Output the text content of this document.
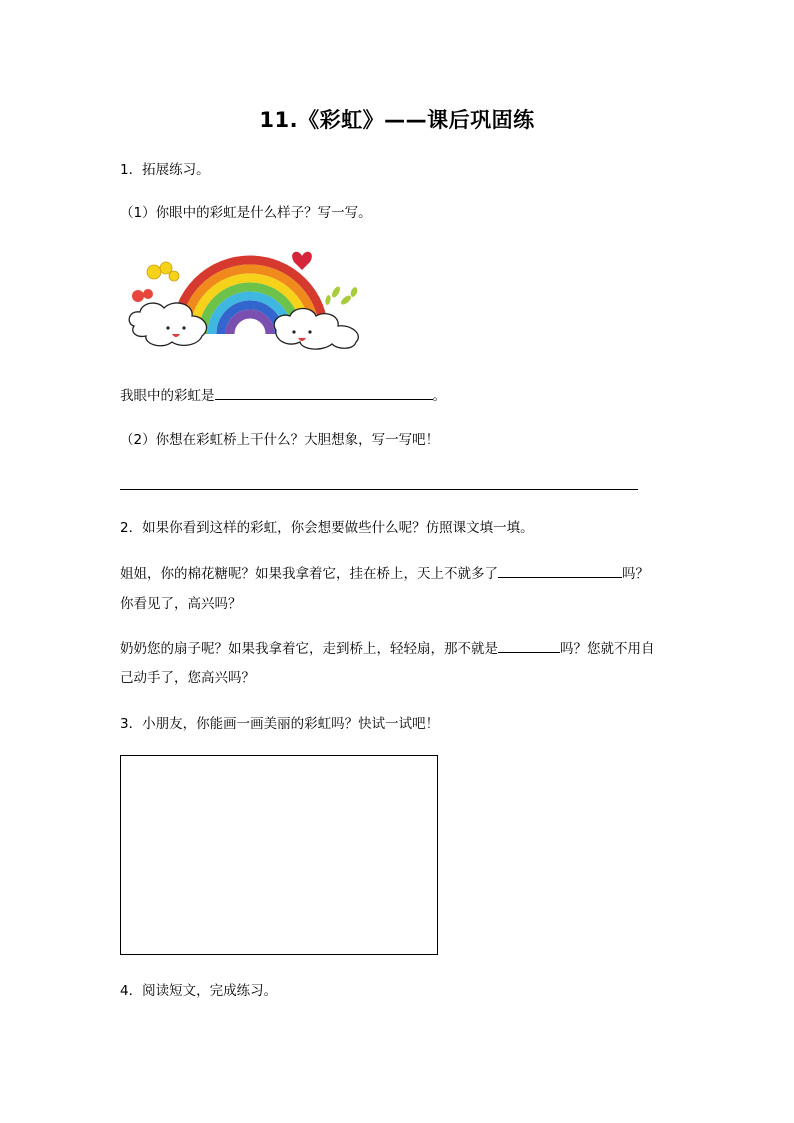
11.《彩虹》——课后巩固练
1．拓展练习。
（1）你眼中的彩虹是什么样子？写一写。
我眼中的彩虹是	。
（2）你想在彩虹桥上干什么？大胆想象，写一写吧！
2．如果你看到这样的彩虹，你会想要做些什么呢？仿照课文填一填。
姐姐，你的棉花糖呢？如果我拿着它，挂在桥上，天上不就多了	吗？
你看见了，高兴吗？
奶奶您的扇子呢？如果我拿着它，走到桥上，轻轻扇，那不就是	吗？您就不用自
己动手了，您高兴吗？
3．小朋友，你能画一画美丽的彩虹吗？快试一试吧！
4．阅读短文，完成练习。
